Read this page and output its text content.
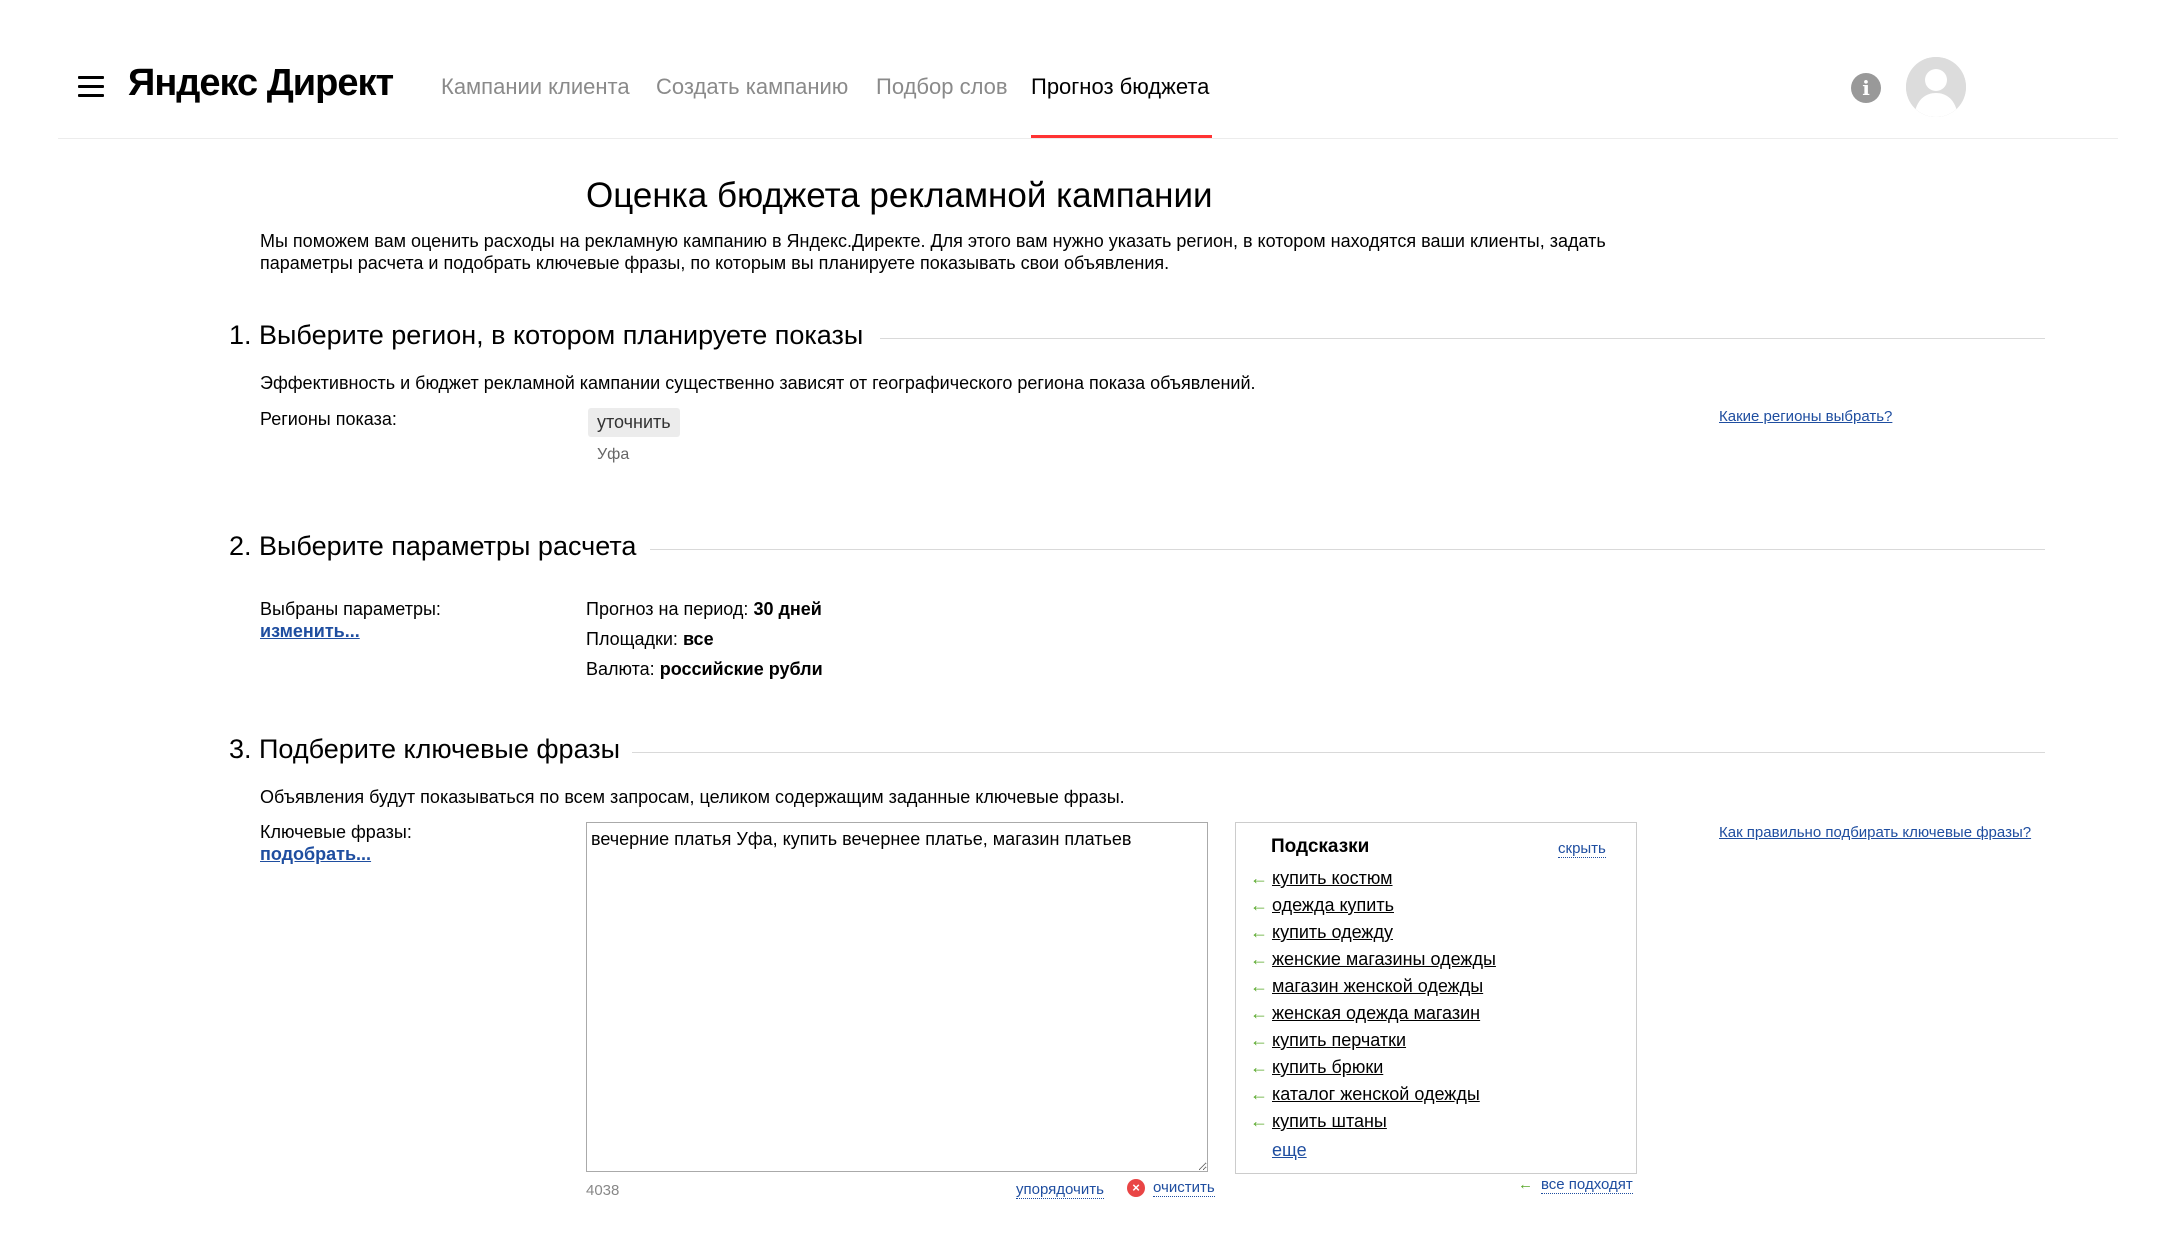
Яндекс Директ Кампании клиента Создать кампанию Подбор слов Прогноз бюджета	i
Оценка бюджета рекламной кампании
Мы поможем вам оценить расходы на рекламную кампанию в Яндекс.Директе. Для этого вам нужно указать регион, в котором находятся ваши клиенты, задать параметры расчета и подобрать ключевые фразы, по которым вы планируете показывать свои объявления.
1. Выберите регион, в котором планируете показы
Эффективность и бюджет рекламной кампании существенно зависят от географического региона показа объявлений.
Регионы показа:	уточнить
Уфа
Какие регионы выбрать?
2. Выберите параметры расчета
Выбраны параметры:
изменить...
Прогноз на период: 30 дней
Площадки: все
Валюта: российские рубли
3. Подберите ключевые фразы
Объявления будут показываться по всем запросам, целиком содержащим заданные ключевые фразы.
Ключевые фразы:
подобрать...
вечерние платья Уфа, купить вечернее платье, магазин платьев
4038	упорядочить	× очистить
Подсказки	скрыть
← купить костюм
← одежда купить
← купить одежду
← женские магазины одежды
← магазин женской одежды
← женская одежда магазин
← купить перчатки
← купить брюки
← каталог женской одежды
← купить штаны
еще
← все подходят
Как правильно подбирать ключевые фразы?
